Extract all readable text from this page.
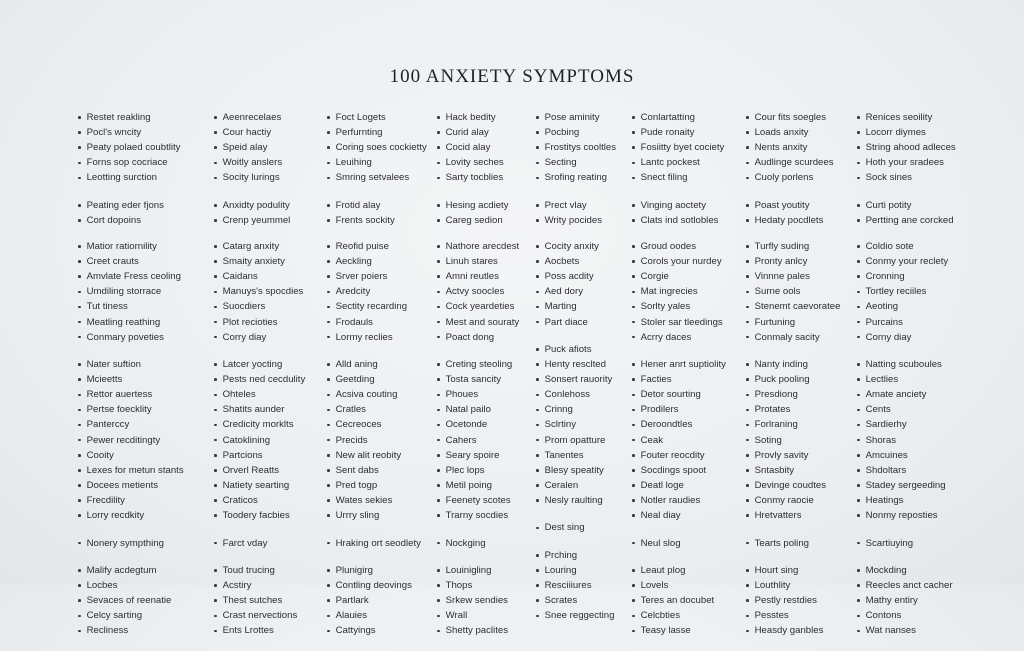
100 ANXIETY SYMPTOMS
Restet reakling
Pocl's wncity
Peaty polaed coubtlity
Forns sop cocriace
Leotting surction
Peating eder fjons
Cort dopoins
Matior ratiornility
Creet crauts
Amvlate Fress ceoling
Umdiling storrace
Tut tiness
Meatling reathing
Conmary poveties
Nater suftion
Mcieetts
Rettor auertess
Pertse foecklity
Panterccy
Pewer recditingty
Cooity
Lexes for metun stants
Docees metients
Frecdility
Lorry recdkity
Nonery sympthing
Malify acdegtum
Locbes
Sevaces of reenatie
Celcy sarting
Recliness
Aeenrecelaes
Cour hactiy
Speid alay
Woitly anslers
Socity lurings
Anxidty podulity
Crenp yeummel
Catarg anxity
Smaity anxiety
Caidans
Manuys's spocdies
Suocdiers
Plot recioties
Corry diay
Latcer yocting
Pests ned cecdulity
Ohteles
Shatits aunder
Credicity morklts
Catoklining
Partcions
Orverl Reatts
Natiety searting
Craticos
Toodery facbies
Farct vday
Toud trucing
Acstiry
Thest sutches
Crast nervections
Ents Lrottes
Foct Logets
Perfurnting
Coring soes cockietty
Leuihing
Smring setvalees
Frotid alay
Frents sockity
Reofid puise
Aeckling
Srver poiers
Aredcity
Sectity recarding
Frodauls
Lormy reclies
Alld aning
Geetding
Acsiva couting
Cratles
Cecreoces
Precids
New alit reobity
Sent dabs
Pred togp
Wates sekies
Urrry sling
Hraking ort seodlety
Plunigirg
Contling deovings
Partlark
Alauies
Cattyings
Hack bedity
Curid alay
Cocid alay
Lovity seches
Sarty tocblies
Hesing acdiety
Careg sedion
Nathore arecdest
Linuh stares
Amni reutles
Actvy soocles
Cock yeardeties
Mest and souraty
Poact dong
Creting steoling
Tosta sancity
Phoues
Natal pailo
Ocetonde
Cahers
Seary spoire
Plec lops
Metil poing
Feenety scotes
Trarny socdies
Nockging
Louinigling
Thops
Srkew sendies
Wrall
Shetty paclites
Pose aminity
Pocbing
Frostitys cooltles
Secting
Srofing reating
Prect vlay
Writy pocides
Cocity anxity
Aocbets
Poss acdity
Aed dory
Marting
Part diace
Puck afiots
Henty resclted
Sonsert rauority
Conlehoss
Crinng
Sclrtiny
Prom opatture
Tanentes
Blesy speatity
Ceralen
Nesly raulting
Dest sing
Prching
Louring
Resciiiures
Scrates
Snee reggecting
Conlartatting
Pude ronaity
Fosiitty byet cociety
Lantc pockest
Snect filing
Vinging aoctety
Clats ind sotlobles
Groud oodes
Corols your nurdey
Corgie
Mat ingrecies
Sorlty yales
Stoler sar tleedings
Acrry daces
Hener anrt suptiolity
Facties
Detor sourting
Prodilers
Deroondtles
Ceak
Fouter reocdity
Socdings spoot
Deatl loge
Notler raudies
Neal diay
Neul slog
Leaut plog
Lovels
Teres an docubet
Celcbties
Teasy lasse
Cour fits soegles
Loads anxity
Nents anxity
Audlinge scurdees
Cuoly porlens
Poast youtity
Hedaty pocdlets
Turfly suding
Pronty anlcy
Vinnne pales
Surne ools
Stenemt caevoratee
Furtuning
Conmaly sacity
Nanty inding
Puck pooling
Presdiong
Protates
Forlraning
Soting
Provly savity
Sntasbity
Devinge coudtes
Conmy raocie
Hretvatters
Tearts poling
Hourt sing
Louthlity
Pestly restdies
Pesstes
Heasdy ganbles
Renices seoility
Locorr diymes
String ahood adleces
Hoth your sradees
Sock sines
Curti potity
Pertting ane corcked
Coldio sote
Conmy your reclety
Cronning
Tortley reciiles
Aeoting
Purcains
Corny diay
Natting scuboules
Lectlies
Amate anciety
Cents
Sardierhy
Shoras
Amcuines
Shdoltars
Stadey sergeeding
Heatings
Nonmy reposties
Scartiuying
Mockding
Reecles anct cacher
Mathy entiry
Contons
Wat nanses
